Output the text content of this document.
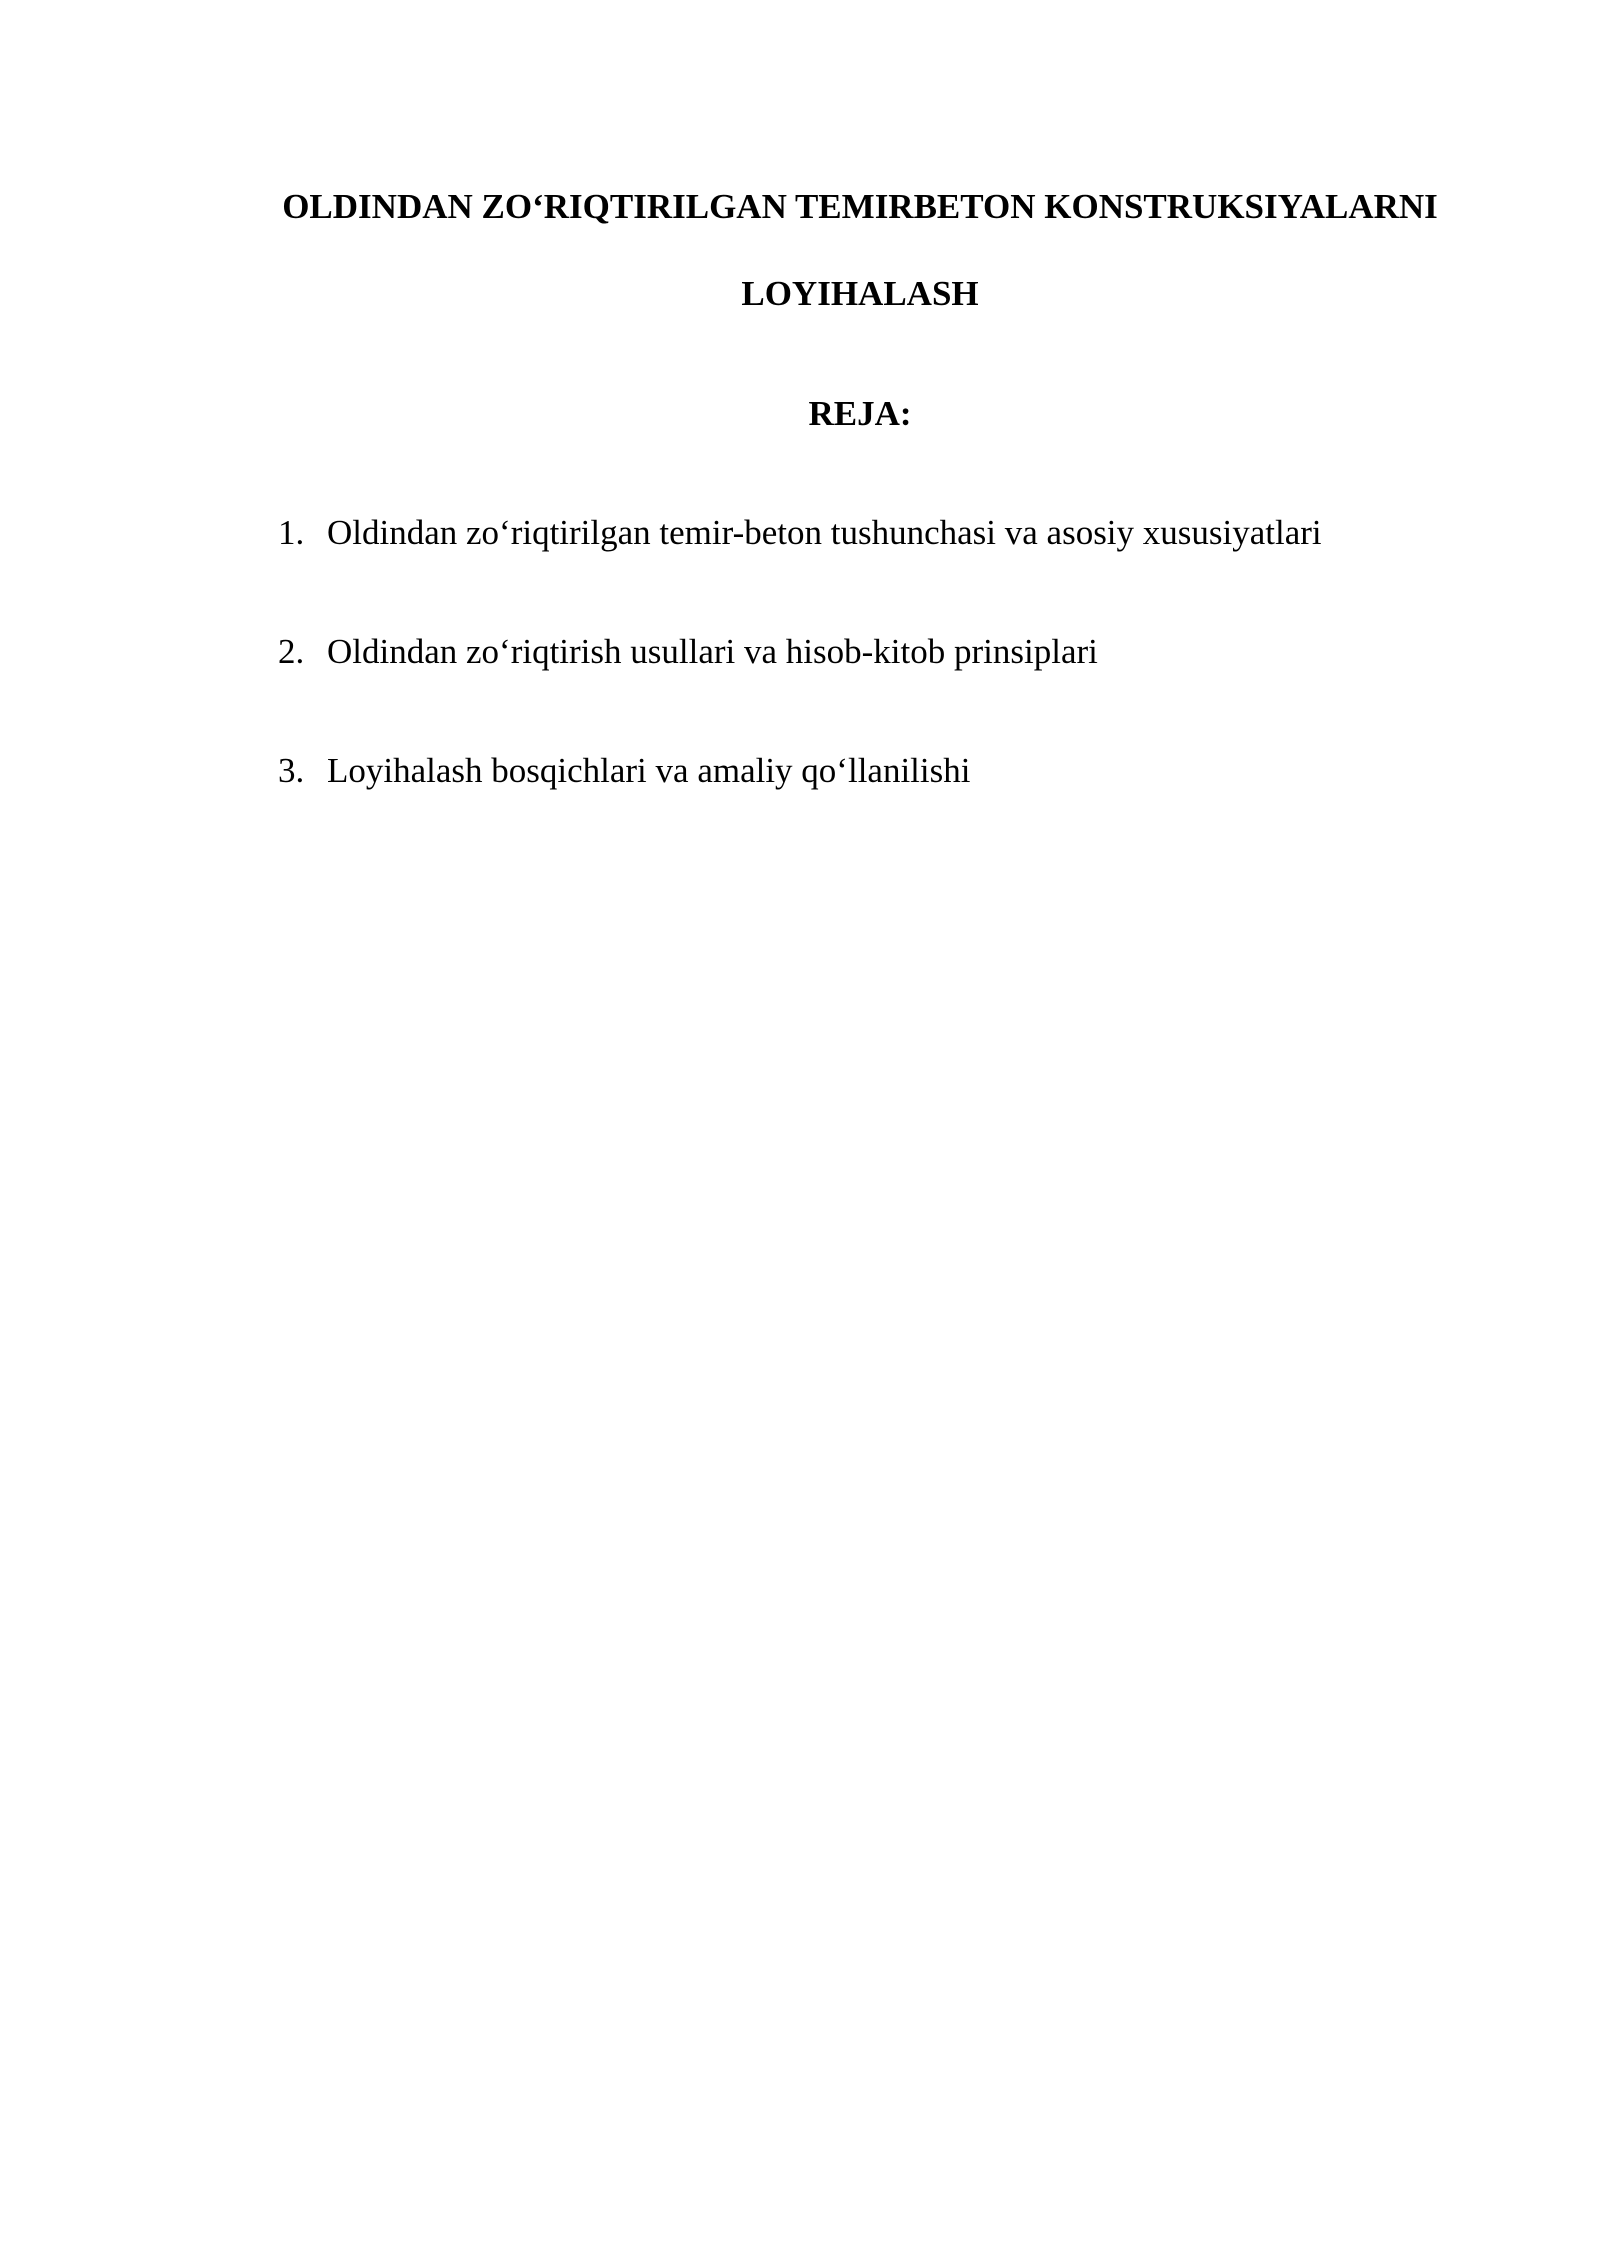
OLDINDAN ZO‘RIQTIRILGAN TEMIRBETON KONSTRUKSIYALARNI
LOYIHALASH
REJA:
1. Oldindan zo‘riqtirilgan temir-beton tushunchasi va asosiy xususiyatlari
2. Oldindan zo‘riqtirish usullari va hisob-kitob prinsiplari
3. Loyihalash bosqichlari va amaliy qo‘llanilishi
